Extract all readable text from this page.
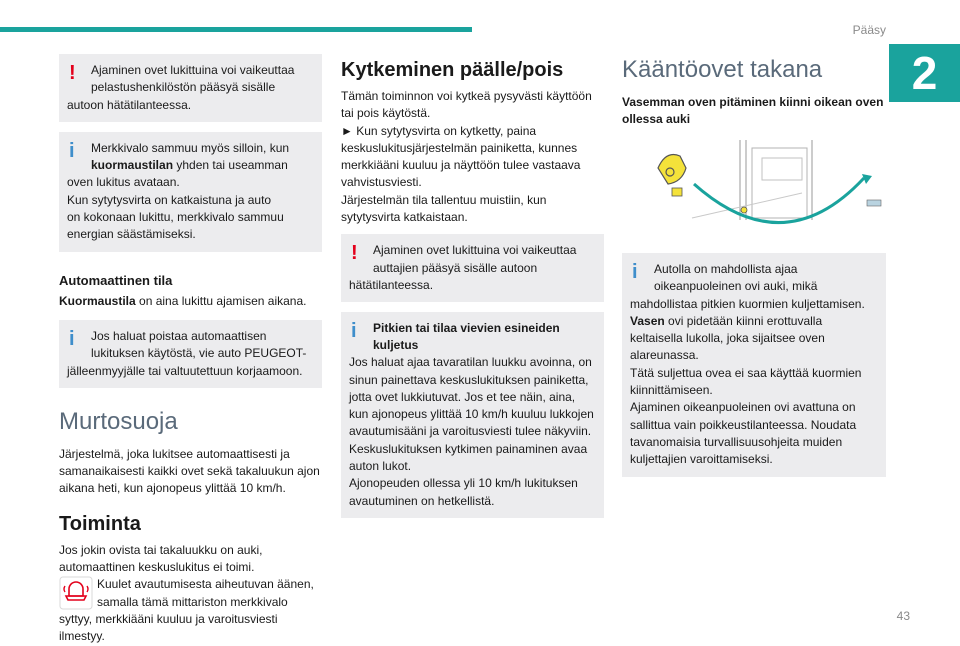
Pääsy
2
!	Ajaminen ovet lukittuina voi vaikeuttaa

pelastushenkilöstön pääsyä sisälle

autoon hätätilanteessa.

i	Merkkivalo sammuu myös silloin, kun

kuormaustilan yhden tai useamman

oven lukitus avataan.

Kun sytytysvirta on katkaistuna ja auto

on kokonaan lukittu, merkkivalo sammuu

energian säästämiseksi.

Automaattinen tila

Kuormaustila on aina lukittu ajamisen aikana.

i	Jos haluat poistaa automaattisen

lukituksen käytöstä, vie auto PEUGEOT-

jälleenmyyjälle tai valtuutettuun korjaamoon.

Murtosuoja

Järjestelmä, joka lukitsee automaattisesti ja samanaikaisesti kaikki ovet sekä takaluukun ajon aikana heti, kun ajonopeus ylittää 10 km/h.

Toiminta

Jos jokin ovista tai takaluukku on auki, automaattinen keskuslukitus ei toimi.

Kuulet avautumisesta aiheutuvan äänen,

samalla tämä mittariston merkkivalo

syttyy, merkkiääni kuuluu ja varoitusviesti ilmestyy.

Kytkeminen päälle/pois

Tämän toiminnon voi kytkeä pysyvästi käyttöön tai pois käytöstä.

► Kun sytytysvirta on kytketty, paina keskuslukitusjärjestelmän painiketta, kunnes merkkiääni kuuluu ja näyttöön tulee vastaava vahvistusviesti.

Järjestelmän tila tallentuu muistiin, kun sytytysvirta katkaistaan.

!	Ajaminen ovet lukittuina voi vaikeuttaa

auttajien pääsyä sisälle autoon

hätätilanteessa.

i	Pitkien tai tilaa vievien esineiden

kuljetus

Jos haluat ajaa tavaratilan luukku avoinna, on sinun painettava keskuslukituksen painiketta, jotta ovet lukkiutuvat. Jos et tee näin, aina, kun ajonopeus ylittää 10 km/h kuuluu lukkojen avautumisääni ja varoitusviesti tulee näkyviin.

Keskuslukituksen kytkimen painaminen avaa auton lukot.

Ajonopeuden ollessa yli 10 km/h lukituksen avautuminen on hetkellistä.

Kääntöovet takana

Vasemman oven pitäminen kiinni oikean oven ollessa auki

i	Autolla on mahdollista ajaa

oikeanpuoleinen ovi auki, mikä

mahdollistaa pitkien kuormien kuljettamisen.

Vasen ovi pidetään kiinni erottuvalla keltaisella lukolla, joka sijaitsee oven alareunassa.

Tätä suljettua ovea ei saa käyttää kuormien kiinnittämiseen.

Ajaminen oikeanpuoleinen ovi avattuna on sallittua vain poikkeustilanteessa. Noudata tavanomaisia turvallisuusohjeita muiden kuljettajien varoittamiseksi.

43
